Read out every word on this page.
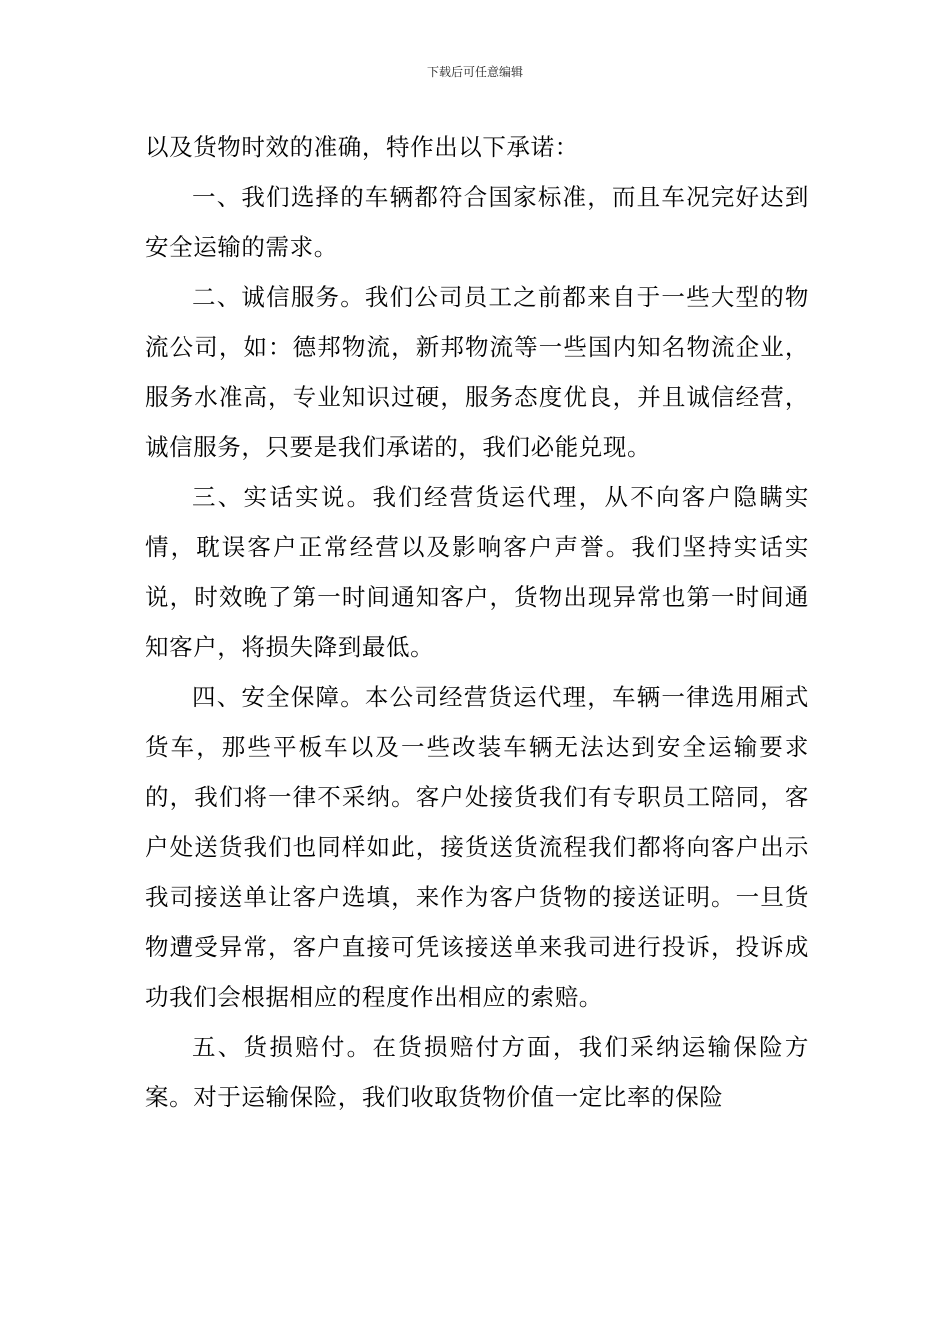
下载后可任意编辑

以及货物时效的准确，特作出以下承诺：

一、我们选择的车辆都符合国家标准，而且车况完好达到安全运输的需求。

二、诚信服务。我们公司员工之前都来自于一些大型的物流公司，如：德邦物流，新邦物流等一些国内知名物流企业，服务水准高，专业知识过硬，服务态度优良，并且诚信经营，诚信服务，只要是我们承诺的，我们必能兑现。

三、实话实说。我们经营货运代理，从不向客户隐瞒实情，耽误客户正常经营以及影响客户声誉。我们坚持实话实说，时效晚了第一时间通知客户，货物出现异常也第一时间通知客户，将损失降到最低。

四、安全保障。本公司经营货运代理，车辆一律选用厢式货车，那些平板车以及一些改装车辆无法达到安全运输要求的，我们将一律不采纳。客户处接货我们有专职员工陪同，客户处送货我们也同样如此，接货送货流程我们都将向客户出示我司接送单让客户选填，来作为客户货物的接送证明。一旦货物遭受异常，客户直接可凭该接送单来我司进行投诉，投诉成功我们会根据相应的程度作出相应的索赔。

五、货损赔付。在货损赔付方面，我们采纳运输保险方案。对于运输保险，我们收取货物价值一定比率的保险
